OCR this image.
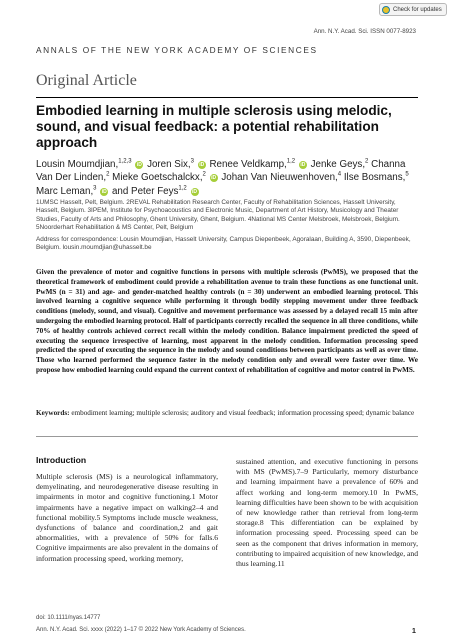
Check for updates
Ann. N.Y. Acad. Sci. ISSN 0077-8923
ANNALS OF THE NEW YORK ACADEMY OF SCIENCES
Original Article
Embodied learning in multiple sclerosis using melodic, sound, and visual feedback: a potential rehabilitation approach
Lousin Moumdjian,$^{1,2,3}$ iD Joren Six,$^3$ iD Renee Veldkamp,$^{1,2}$ iD Jenke Geys,$^2$ Channa Van Der Linden,$^2$ Mieke Goetschalckx,$^2$ iD Johan Van Nieuwenhoven,$^4$ Ilse Bosmans,$^5$ Marc Leman,$^3$ iD and Peter Feys$^{1,2}$ iD
1UMSC Hasselt, Pelt, Belgium. 2REVAL Rehabilitation Research Center, Faculty of Rehabilitation Sciences, Hasselt University, Hasselt, Belgium. 3IPEM, Institute for Psychoacoustics and Electronic Music, Department of Art History, Musicology and Theater Studies, Faculty of Arts and Philosophy, Ghent University, Ghent, Belgium. 4National MS Center Melsbroek, Melsbroek, Belgium. 5Noorderhart Rehabilitation & MS Center, Pelt, Belgium
Address for correspondence: Lousin Moumdjian, Hasselt University, Campus Diepenbeek, Agoralaan, Building A, 3590, Diepenbeek, Belgium. lousin.moumdjian@uhasselt.be
Given the prevalence of motor and cognitive functions in persons with multiple sclerosis (PwMS), we proposed that the theoretical framework of embodiment could provide a rehabilitation avenue to train these functions as one functional unit. PwMS (n = 31) and age- and gender-matched healthy controls (n = 30) underwent an embodied learning protocol. This involved learning a cognitive sequence while performing it through bodily stepping movement under three feedback conditions (melody, sound, and visual). Cognitive and movement performance was assessed by a delayed recall 15 min after undergoing the embodied learning protocol. Half of participants correctly recalled the sequence in all three conditions, while 70% of healthy controls achieved correct recall within the melody condition. Balance impairment predicted the speed of executing the sequence irrespective of learning, most apparent in the melody condition. Information processing speed predicted the speed of executing the sequence in the melody and sound conditions between participants as well as over time. Those who learned performed the sequence faster in the melody condition only and overall were faster over time. We propose how embodied learning could expand the current context of rehabilitation of cognitive and motor control in PwMS.
Keywords: embodiment learning; multiple sclerosis; auditory and visual feedback; information processing speed; dynamic balance
Introduction
Multiple sclerosis (MS) is a neurological inflammatory, demyelinating, and neurodegenerative disease resulting in impairments in motor and cognitive functioning.1 Motor impairments have a negative impact on walking2–4 and functional mobility.5 Symptoms include muscle weakness, dysfunctions of balance and coordination,2 and gait abnormalities, with a prevalence of 50% for falls.6 Cognitive impairments are also prevalent in the domains of information processing speed, working memory,
sustained attention, and executive functioning in persons with MS (PwMS).7–9 Particularly, memory disturbance and learning impairment have a prevalence of 60% and affect working and long-term memory.10 In PwMS, learning difficulties have been shown to be with acquisition of new knowledge rather than retrieval from long-term storage.8 This differentiation can be explained by information processing speed. Processing speed can be seen as the component that drives information in memory, contributing to impaired acquisition of new knowledge, and thus learning.11
doi: 10.1111/nyas.14777
Ann. N.Y. Acad. Sci. xxxx (2022) 1–17 © 2022 New York Academy of Sciences.	1
